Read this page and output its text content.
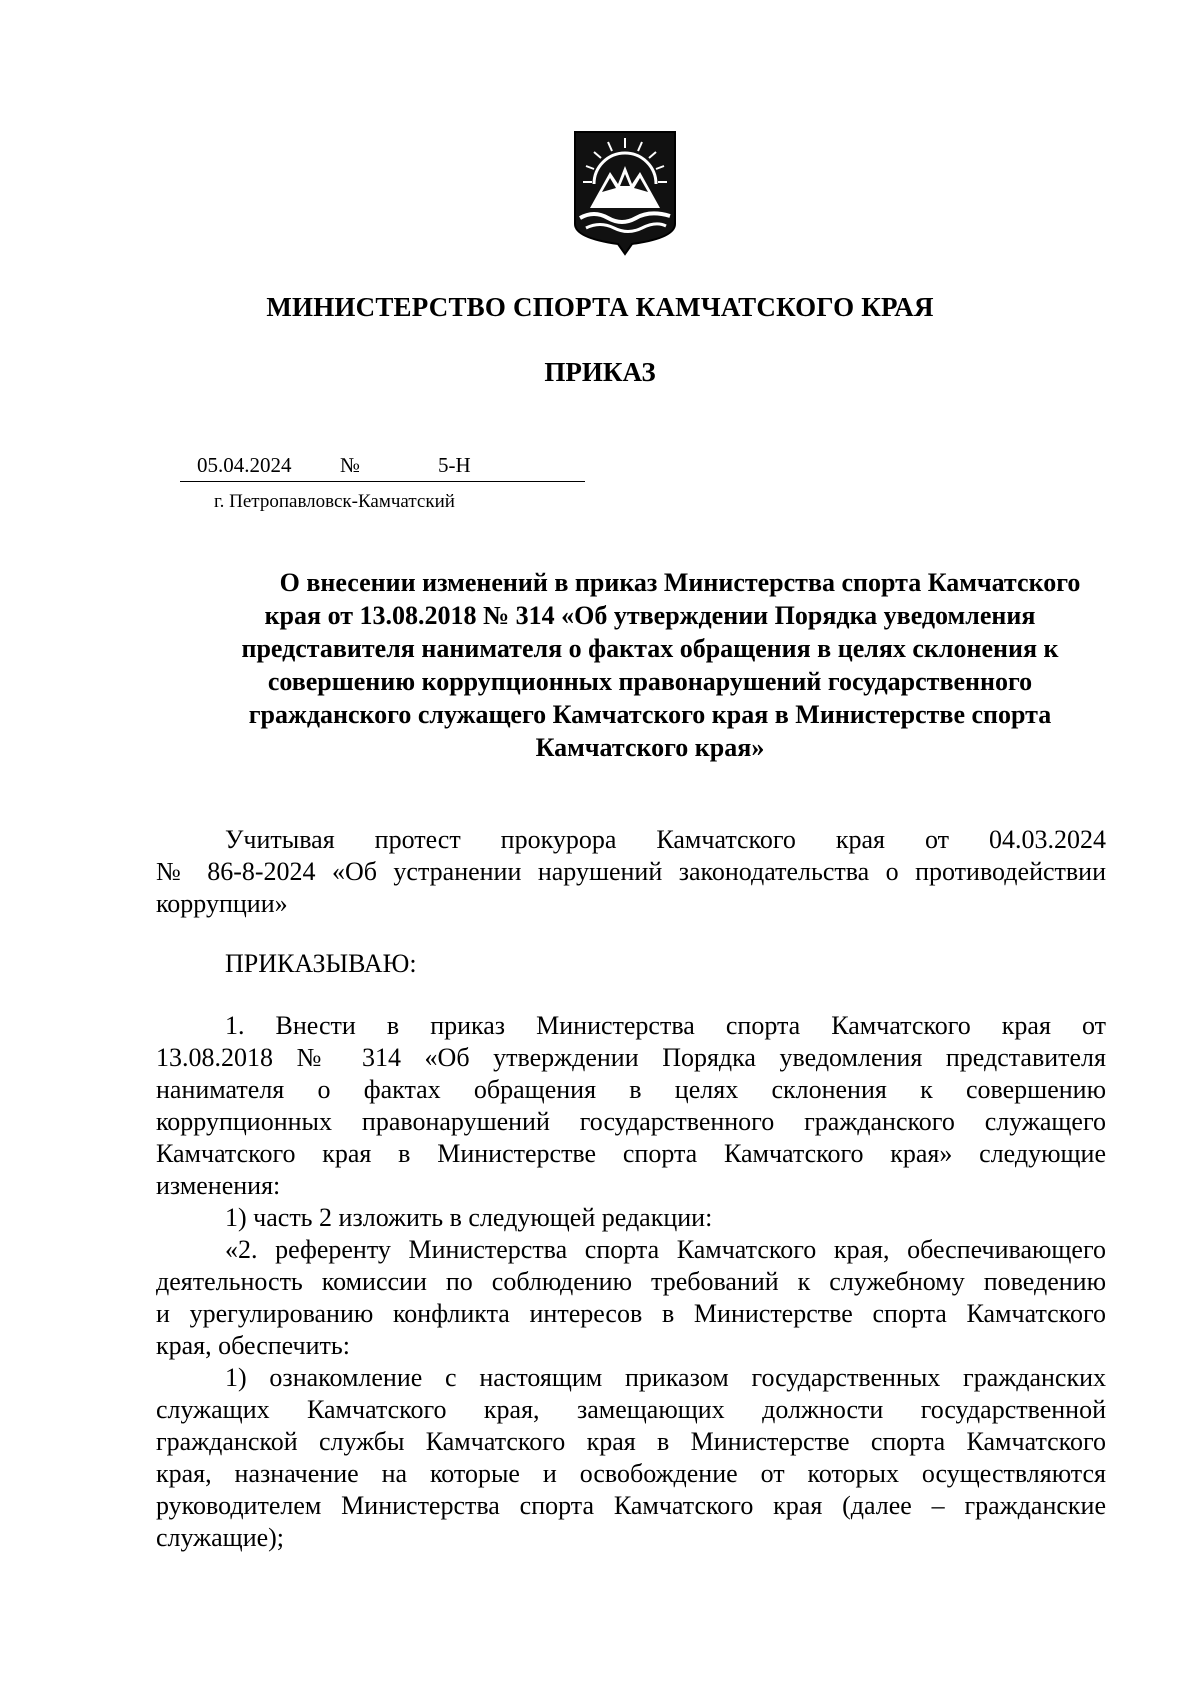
МИНИСТЕРСТВО СПОРТА КАМЧАТСКОГО КРАЯ
ПРИКАЗ
05.04.2024 №	5-Н
г. Петропавловск-Камчатский
О внесении изменений в приказ Министерства спорта Камчатского
края от 13.08.2018 № 314 «Об утверждении Порядка уведомления
представителя нанимателя о фактах обращения в целях склонения к
совершению коррупционных правонарушений государственного
гражданского служащего Камчатского края в Министерстве спорта
Камчатского края»
Учитывая протест прокурора Камчатского края от 04.03.2024
№ 86-8-2024 «Об устранении нарушений законодательства о противодействии
коррупции»
ПРИКАЗЫВАЮ:
1. Внести в приказ Министерства спорта Камчатского края от
13.08.2018 № 314 «Об утверждении Порядка уведомления представителя
нанимателя о фактах обращения в целях склонения к совершению
коррупционных правонарушений государственного гражданского служащего
Камчатского края в Министерстве спорта Камчатского края» следующие
изменения:
1) часть 2 изложить в следующей редакции:
«2. референту Министерства спорта Камчатского края, обеспечивающего
деятельность комиссии по соблюдению требований к служебному поведению
и урегулированию конфликта интересов в Министерстве спорта Камчатского
края, обеспечить:
1) ознакомление с настоящим приказом государственных гражданских
служащих Камчатского края, замещающих должности государственной
гражданской службы Камчатского края в Министерстве спорта Камчатского
края, назначение на которые и освобождение от которых осуществляются
руководителем Министерства спорта Камчатского края (далее – гражданские
служащие);
